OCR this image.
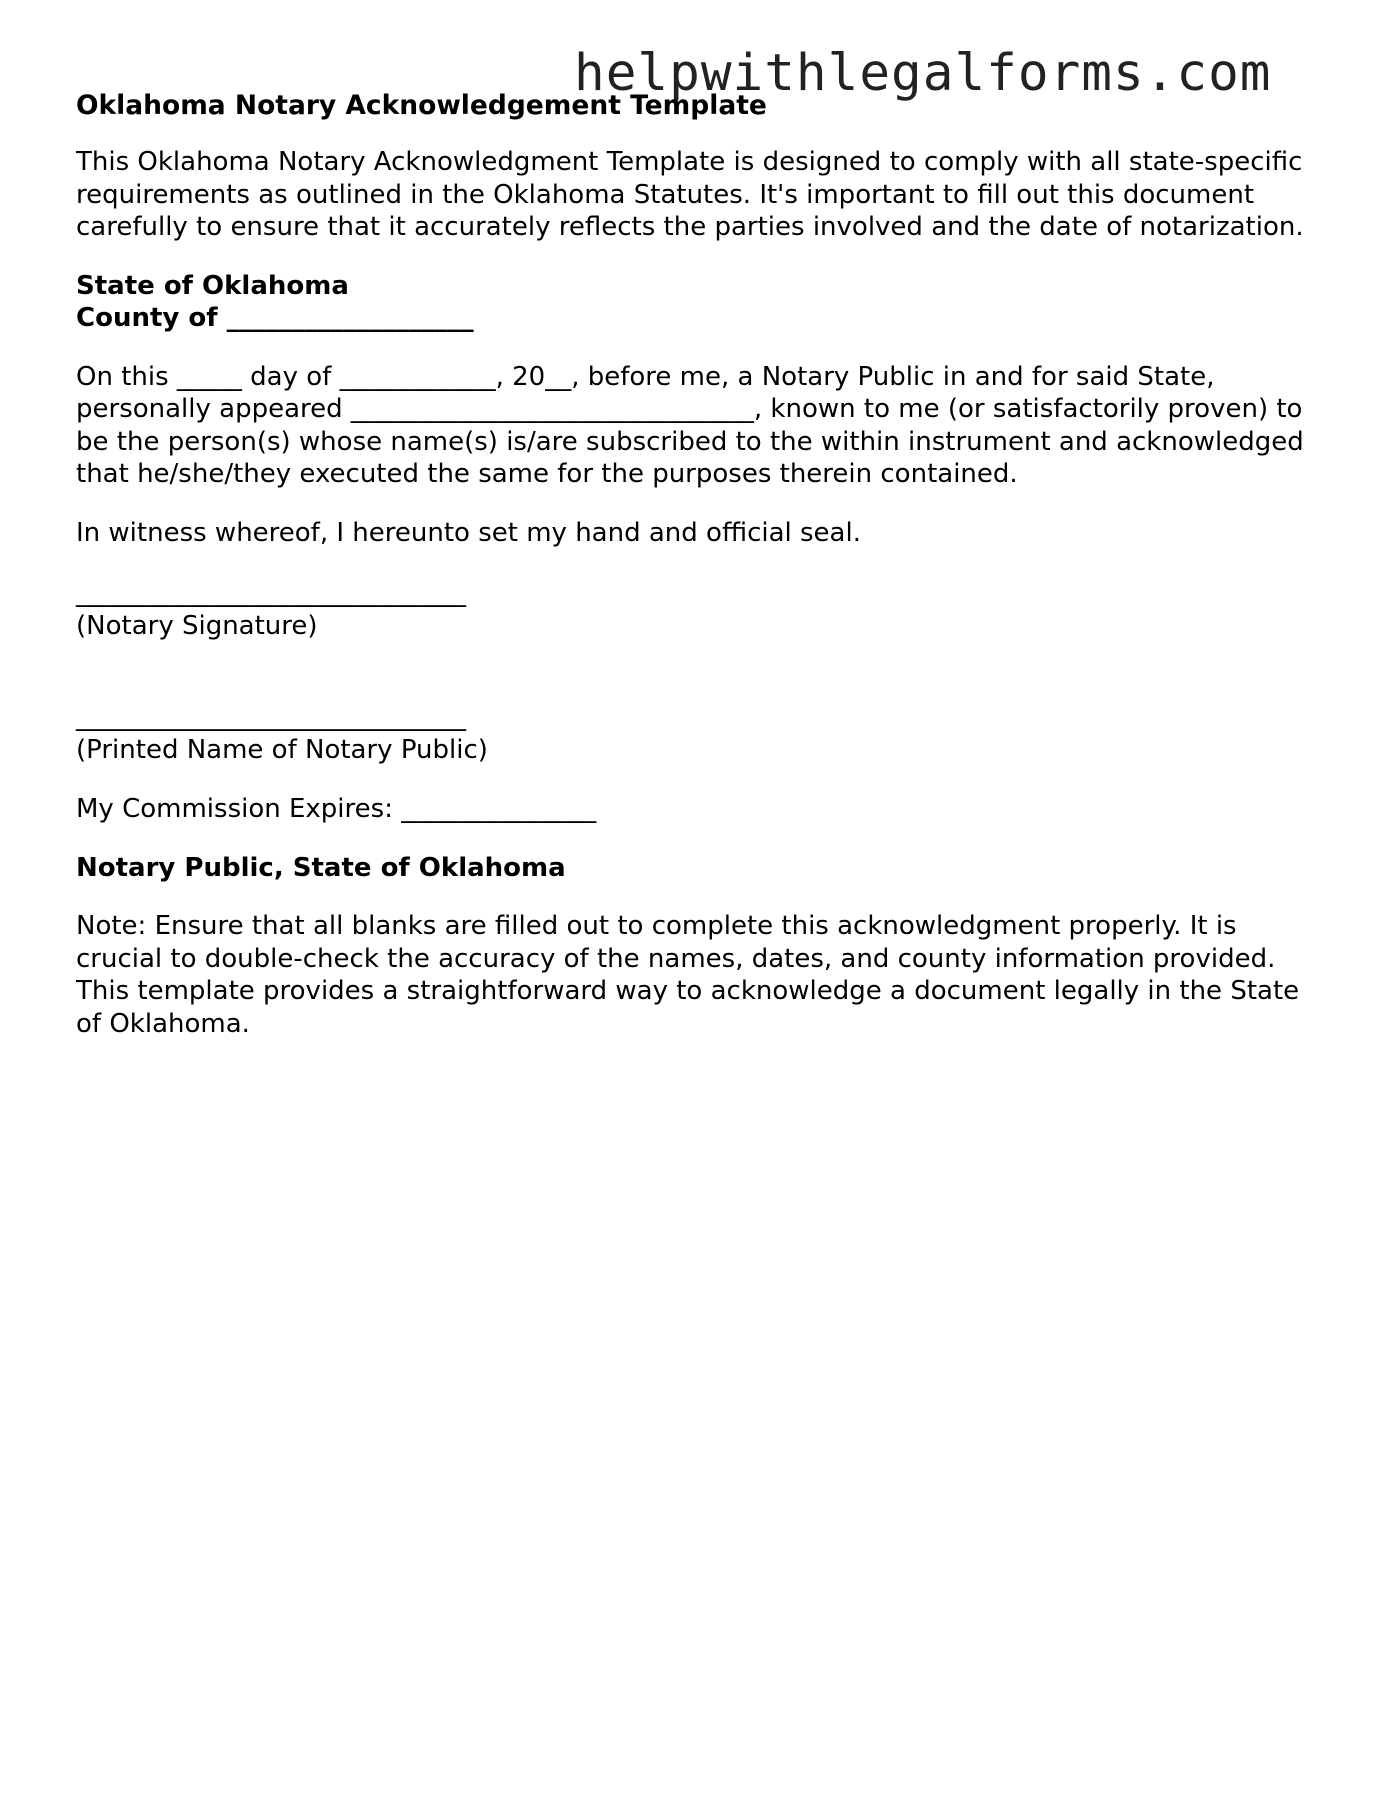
helpwithlegalforms.com
Oklahoma Notary Acknowledgement Template

This Oklahoma Notary Acknowledgment Template is designed to comply with all state-specific requirements as outlined in the Oklahoma Statutes. It's important to fill out this document carefully to ensure that it accurately reflects the parties involved and the date of notarization.

State of Oklahoma
County of ___________________

On this _____ day of ____________, 20__, before me, a Notary Public in and for said State, personally appeared _______________________________, known to me (or satisfactorily proven) to be the person(s) whose name(s) is/are subscribed to the within instrument and acknowledged that he/she/they executed the same for the purposes therein contained.

In witness whereof, I hereunto set my hand and official seal.

______________________________
(Notary Signature)
______________________________
(Printed Name of Notary Public)

My Commission Expires: _______________

Notary Public, State of Oklahoma

Note: Ensure that all blanks are filled out to complete this acknowledgment properly. It is crucial to double-check the accuracy of the names, dates, and county information provided. This template provides a straightforward way to acknowledge a document legally in the State of Oklahoma.
